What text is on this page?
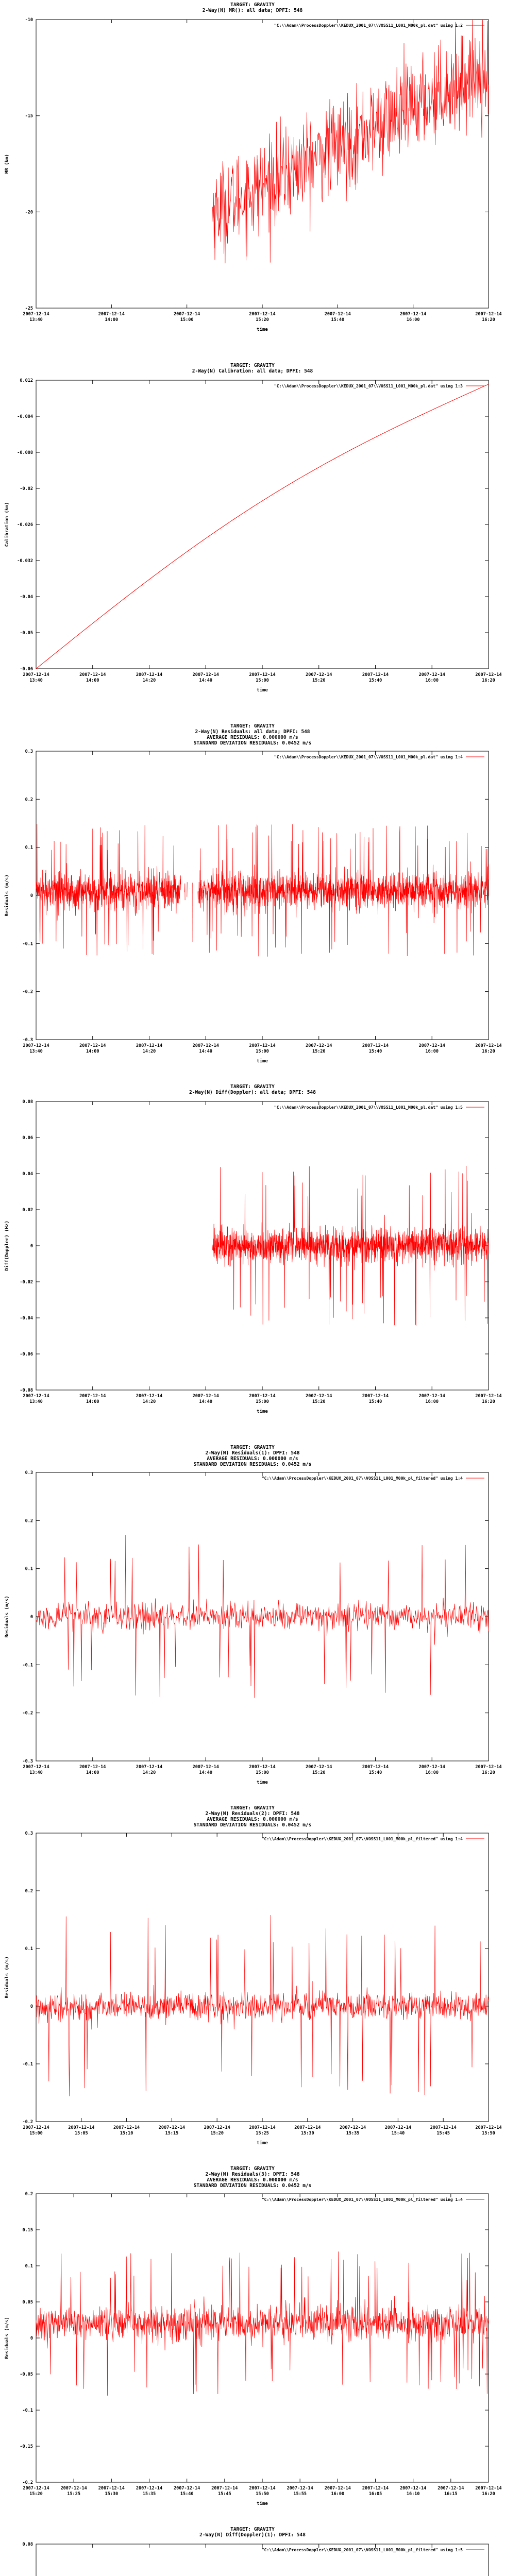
TARGET: GRAVITY
2-Way(N) MR(): all data; DPFI: 548
-10
-15
-20
-25
2007-12-14 13:40
2007-12-14 14:00
2007-12-14 15:00
2007-12-14 15:20
2007-12-14 15:40
2007-12-14 16:00
2007-12-14 16:20
time
MR (km)
"C:\\Adam\\ProcessDoppler\\KEDUX_2001_07\\VOSS11_L001_M00k_pl.dat" using 1:2
TARGET: GRAVITY
2-Way(N) Calibration: all data; DPFI: 548
0.012
-0.004
-0.008
-0.02
-0.026
-0.032
-0.04
-0.05
-0.06
2007-12-14 13:40
2007-12-14 14:00
2007-12-14 14:20
2007-12-14 14:40
2007-12-14 15:00
2007-12-14 15:20
2007-12-14 15:40
2007-12-14 16:00
2007-12-14 16:20
time
Calibration (km)
"C:\\Adam\\ProcessDoppler\\KEDUX_2001_07\\VOSS11_L001_M00k_pl.dat" using 1:3
TARGET: GRAVITY
2-Way(N) Residuals: all data; DPFI: 548
AVERAGE RESIDUALS: 0.000000 m/s
STANDARD DEVIATION RESIDUALS: 0.0452 m/s
0.3
0.2
0.1
0
-0.1
-0.2
-0.3
2007-12-14 13:40
2007-12-14 14:00
2007-12-14 14:20
2007-12-14 14:40
2007-12-14 15:00
2007-12-14 15:20
2007-12-14 15:40
2007-12-14 16:00
2007-12-14 16:20
time
Residuals (m/s)
"C:\\Adam\\ProcessDoppler\\KEDUX_2001_07\\VOSS11_L001_M00k_pl.dat" using 1:4
TARGET: GRAVITY
2-Way(N) Diff(Doppler): all data; DPFI: 548
0.08
0.06
0.04
0.02
0
-0.02
-0.04
-0.06
-0.08
2007-12-14 13:40
2007-12-14 14:00
2007-12-14 14:20
2007-12-14 14:40
2007-12-14 15:00
2007-12-14 15:20
2007-12-14 15:40
2007-12-14 16:00
2007-12-14 16:20
time
Diff(Doppler) (Hz)
"C:\\Adam\\ProcessDoppler\\KEDUX_2001_07\\VOSS11_L001_M00k_pl.dat" using 1:5
TARGET: GRAVITY
2-Way(N) Residuals(1): DPFI: 548
AVERAGE RESIDUALS: 0.000000 m/s
STANDARD DEVIATION RESIDUALS: 0.0452 m/s
0.3
0.2
0.1
0
-0.1
-0.2
-0.3
2007-12-14 13:40
2007-12-14 14:00
2007-12-14 14:20
2007-12-14 14:40
2007-12-14 15:00
2007-12-14 15:20
2007-12-14 15:40
2007-12-14 16:00
2007-12-14 16:20
time
Residuals (m/s)
"C:\\Adam\\ProcessDoppler\\KEDUX_2001_07\\VOSS11_L001_M00k_pl_filtered" using 1:4
TARGET: GRAVITY
2-Way(N) Residuals(2): DPFI: 548
AVERAGE RESIDUALS: 0.000000 m/s
STANDARD DEVIATION RESIDUALS: 0.0452 m/s
0.3
0.2
0.1
0
-0.1
-0.2
2007-12-14 15:00
2007-12-14 15:05
2007-12-14 15:10
2007-12-14 15:15
2007-12-14 15:20
2007-12-14 15:25
2007-12-14 15:30
2007-12-14 15:35
2007-12-14 15:40
2007-12-14 15:45
2007-12-14 15:50
time
Residuals (m/s)
"C:\\Adam\\ProcessDoppler\\KEDUX_2001_07\\VOSS11_L001_M00k_pl_filtered" using 1:4
TARGET: GRAVITY
2-Way(N) Residuals(3): DPFI: 548
AVERAGE RESIDUALS: 0.000000 m/s
STANDARD DEVIATION RESIDUALS: 0.0452 m/s
0.2
0.15
0.1
0.05
0
-0.05
-0.1
-0.15
-0.2
2007-12-14 15:20
2007-12-14 15:25
2007-12-14 15:30
2007-12-14 15:35
2007-12-14 15:40
2007-12-14 15:45
2007-12-14 15:50
2007-12-14 15:55
2007-12-14 16:00
2007-12-14 16:05
2007-12-14 16:10
2007-12-14 16:15
2007-12-14 16:20
time
Residuals (m/s)
"C:\\Adam\\ProcessDoppler\\KEDUX_2001_07\\VOSS11_L001_M00k_pl_filtered" using 1:4
TARGET: GRAVITY
2-Way(N) Diff(Doppler)(1): DPFI: 548
0.08
"C:\\Adam\\ProcessDoppler\\KEDUX_2001_07\\VOSS11_L001_M00k_pl_filtered" using 1:5
